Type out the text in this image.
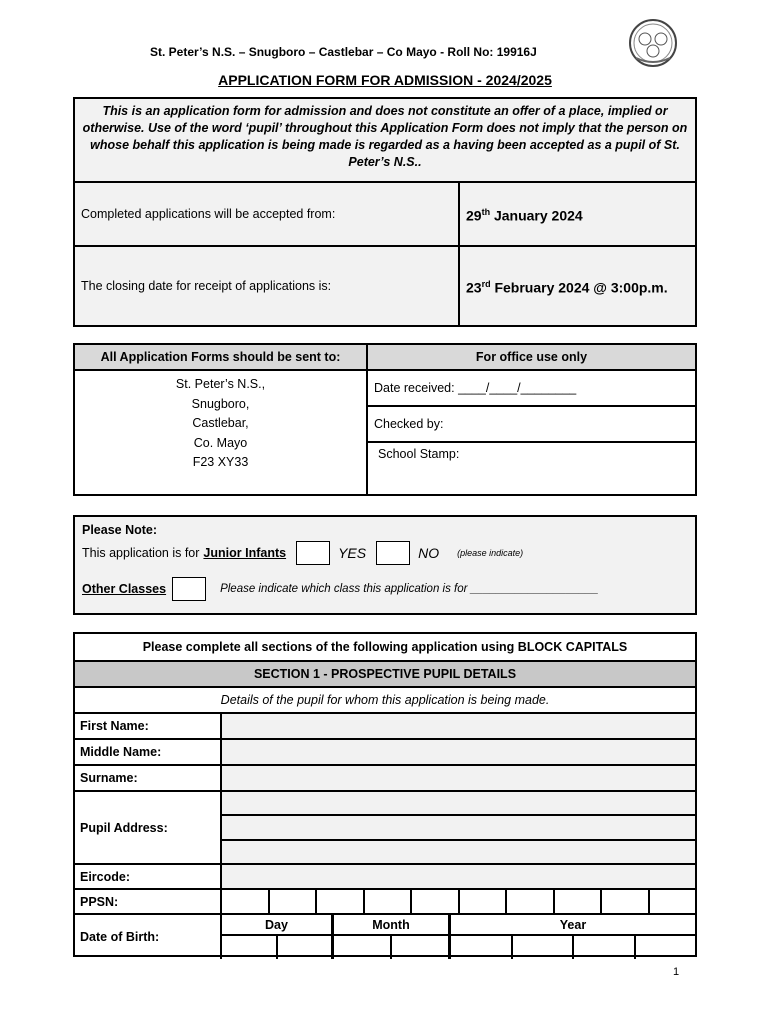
St. Peter’s N.S. – Snugboro – Castlebar – Co Mayo - Roll No: 19916J
APPLICATION FORM FOR ADMISSION - 2024/2025
This is an application form for admission and does not constitute an offer of a place, implied or otherwise. Use of the word ‘pupil’ throughout this Application Form does not imply that the person on whose behalf this application is being made is regarded as a having been accepted as a pupil of St. Peter’s N.S..
Completed applications will be accepted from:	29th January 2024
The closing date for receipt of applications is:	23rd February 2024 @ 3:00p.m.
All Application Forms should be sent to:
St. Peter’s N.S.,
Snugboro,
Castlebar,
Co. Mayo
F23 XY33
For office use only
Date received: ____/____/________
Checked by:
School Stamp:
Please Note:
This application is for Junior Infants	YES	NO (please indicate)
Other Classes	Please indicate which class this application is for ____________________
Please complete all sections of the following application using BLOCK CAPITALS
SECTION 1 - PROSPECTIVE PUPIL DETAILS
Details of the pupil for whom this application is being made.
First Name:
Middle Name:
Surname:
Pupil Address:
Eircode:
PPSN:
Date of Birth:
Day	Month	Year
1
